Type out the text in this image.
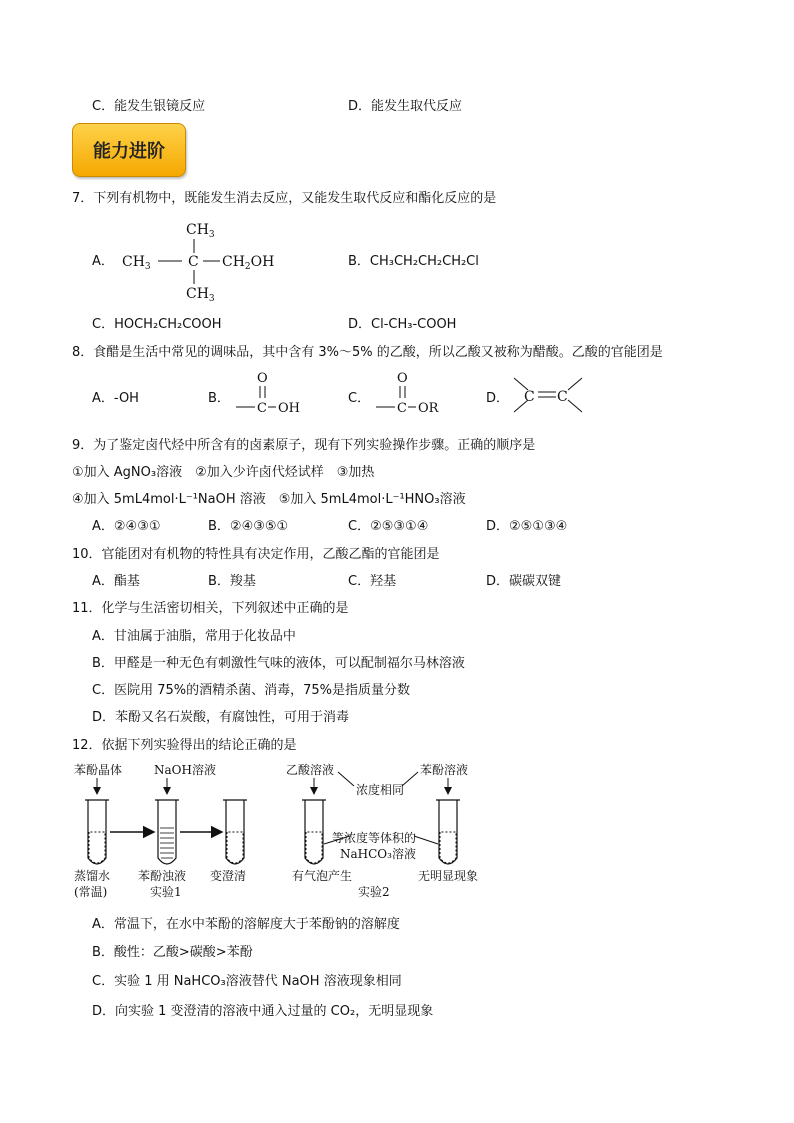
C．能发生银镜反应	D．能发生取代反应
能力进阶
7．下列有机物中，既能发生消去反应，又能发生取代反应和酯化反应的是
A．
$CH_3$
$CH_3$	C $CH_2OH$
$CH_3$
B．CH₃CH₂CH₂CH₂Cl
C．HOCH₂CH₂COOH	D．Cl-CH₃-COOH
8．食醋是生活中常见的调味品，其中含有 3%～5% 的乙酸，所以乙酸又被称为醋酸。乙酸的官能团是
A．-OH	B．
O
C OH
C．
O
C OR
D． C C
9．为了鉴定卤代烃中所含有的卤素原子，现有下列实验操作步骤。正确的顺序是
①加入 AgNO₃溶液　②加入少许卤代烃试样　③加热
④加入 5mL4mol·L⁻¹NaOH 溶液　⑤加入 5mL4mol·L⁻¹HNO₃溶液
A．②④③①	B．②④③⑤①	C．②⑤③①④	D．②⑤①③④
10．官能团对有机物的特性具有决定作用，乙酸乙酯的官能团是
A．酯基	B．羧基	C．羟基	D．碳碳双键
11．化学与生活密切相关，下列叙述中正确的是
A．甘油属于油脂，常用于化妆品中
B．甲醛是一种无色有刺激性气味的液体，可以配制福尔马林溶液
C．医院用 75%的酒精杀菌、消毒，75%是指质量分数
D．苯酚又名石炭酸，有腐蚀性，可用于消毒
12．依据下列实验得出的结论正确的是
苯酚晶体	NaOH溶液
蒸馏水
(常温)
苯酚浊液
实验1
变澄清
乙酸溶液	苯酚溶液
浓度相同
等浓度等体积的
NaHCO₃溶液
有气泡产生
实验2
无明显现象
A．常温下，在水中苯酚的溶解度大于苯酚钠的溶解度
B．酸性：乙酸>碳酸>苯酚
C．实验 1 用 NaHCO₃溶液替代 NaOH 溶液现象相同
D．向实验 1 变澄清的溶液中通入过量的 CO₂，无明显现象
